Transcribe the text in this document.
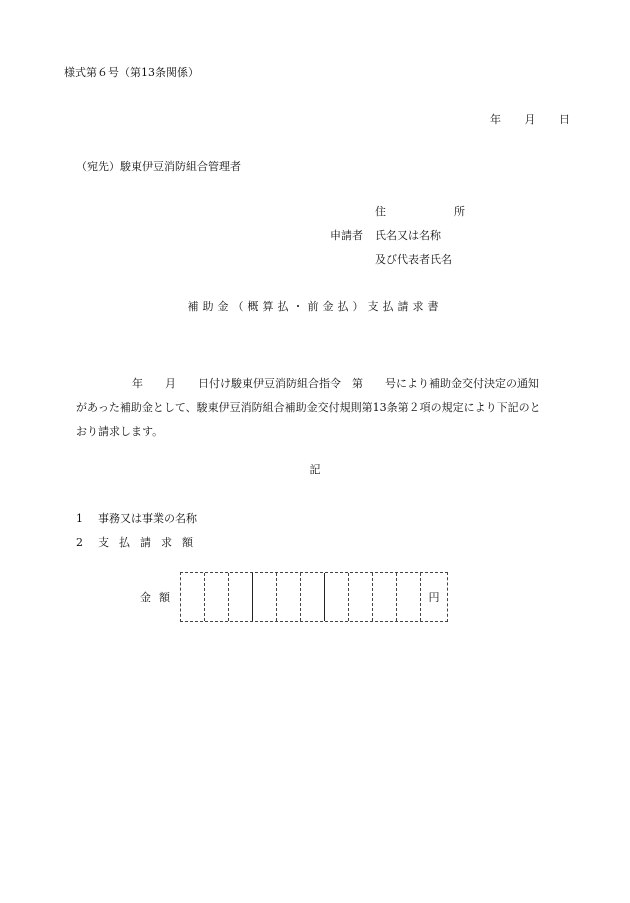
様式第６号（第13条関係）
年 月 日
（宛先）駿東伊豆消防組合管理者
住	所
申請者	氏名又は名称
及び代表者氏名
補助金（概算払・前金払）支払請求書
年　　月　　日付け駿東伊豆消防組合指令　第　　号により補助金交付決定の通知
があった補助金として、駿東伊豆消防組合補助金交付規則第13条第２項の規定により下記のと
おり請求します。
記
1	事務又は事業の名称
2	支払請求額
金額	円
